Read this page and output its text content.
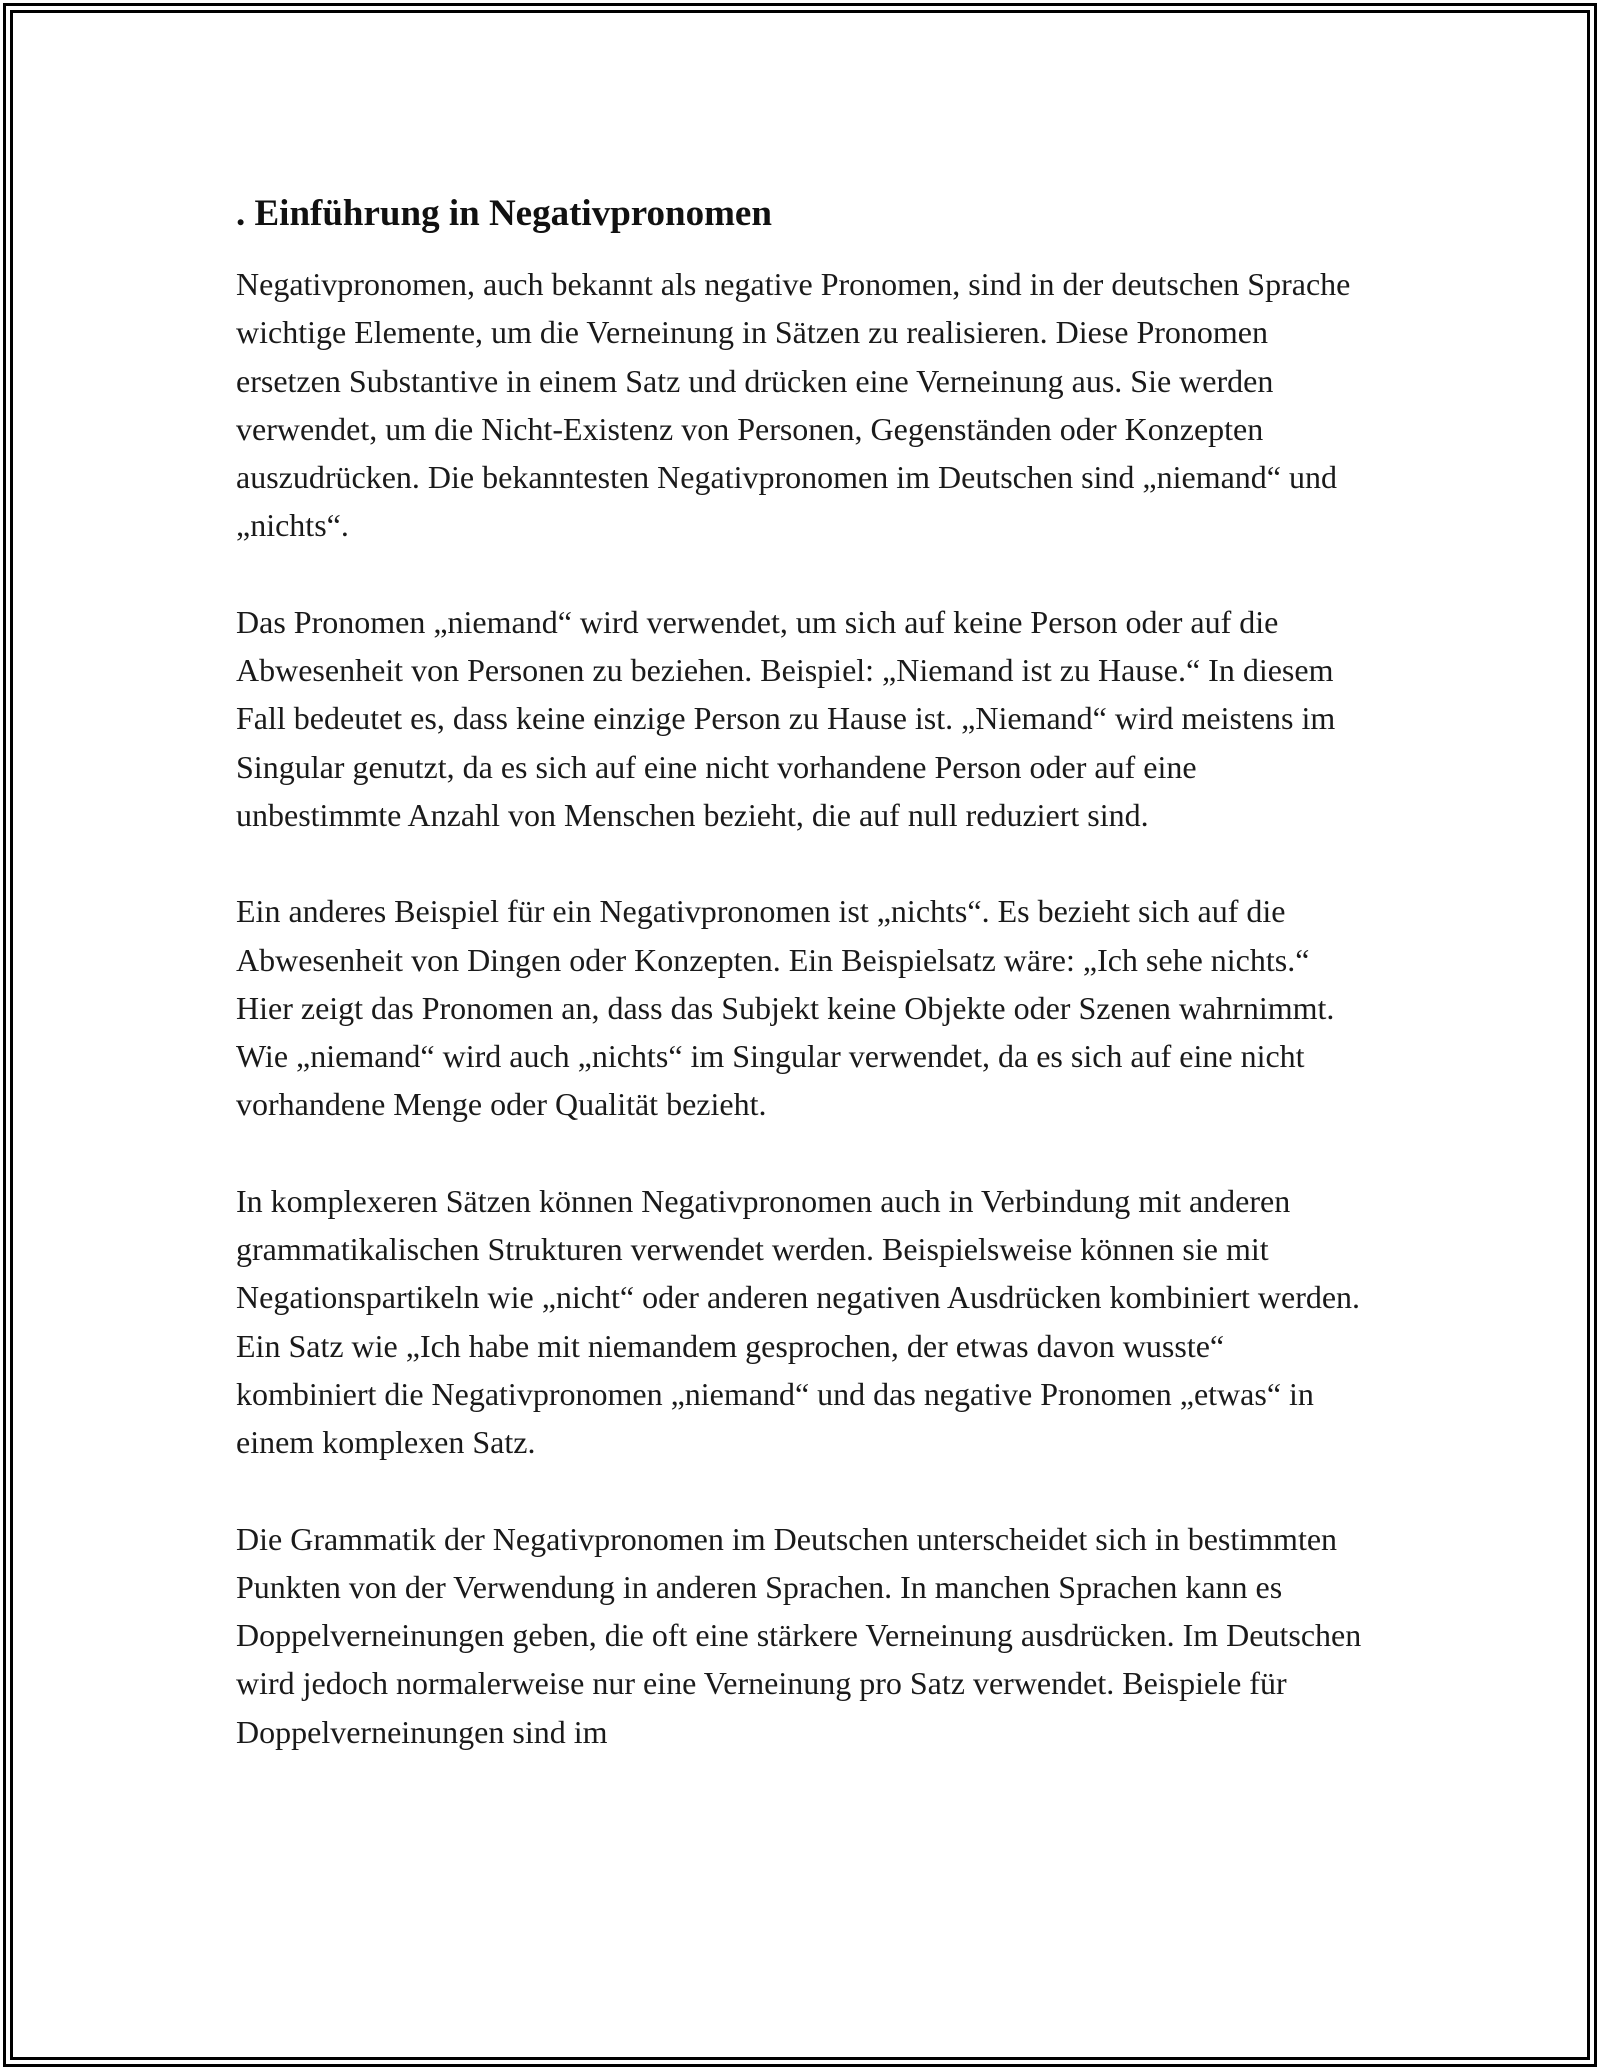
. Einführung in Negativpronomen

Negativpronomen, auch bekannt als negative Pronomen, sind in der deutschen Sprache wichtige Elemente, um die Verneinung in Sätzen zu realisieren. Diese Pronomen ersetzen Substantive in einem Satz und drücken eine Verneinung aus. Sie werden verwendet, um die Nicht-Existenz von Personen, Gegenständen oder Konzepten auszudrücken. Die bekanntesten Negativpronomen im Deutschen sind „niemand“ und „nichts“.

Das Pronomen „niemand“ wird verwendet, um sich auf keine Person oder auf die Abwesenheit von Personen zu beziehen. Beispiel: „Niemand ist zu Hause.“ In diesem Fall bedeutet es, dass keine einzige Person zu Hause ist. „Niemand“ wird meistens im Singular genutzt, da es sich auf eine nicht vorhandene Person oder auf eine unbestimmte Anzahl von Menschen bezieht, die auf null reduziert sind.

Ein anderes Beispiel für ein Negativpronomen ist „nichts“. Es bezieht sich auf die Abwesenheit von Dingen oder Konzepten. Ein Beispielsatz wäre: „Ich sehe nichts.“ Hier zeigt das Pronomen an, dass das Subjekt keine Objekte oder Szenen wahrnimmt. Wie „niemand“ wird auch „nichts“ im Singular verwendet, da es sich auf eine nicht vorhandene Menge oder Qualität bezieht.

In komplexeren Sätzen können Negativpronomen auch in Verbindung mit anderen grammatikalischen Strukturen verwendet werden. Beispielsweise können sie mit Negationspartikeln wie „nicht“ oder anderen negativen Ausdrücken kombiniert werden. Ein Satz wie „Ich habe mit niemandem gesprochen, der etwas davon wusste“ kombiniert die Negativpronomen „niemand“ und das negative Pronomen „etwas“ in einem komplexen Satz.

Die Grammatik der Negativpronomen im Deutschen unterscheidet sich in bestimmten Punkten von der Verwendung in anderen Sprachen. In manchen Sprachen kann es Doppelverneinungen geben, die oft eine stärkere Verneinung ausdrücken. Im Deutschen wird jedoch normalerweise nur eine Verneinung pro Satz verwendet. Beispiele für Doppelverneinungen sind im
